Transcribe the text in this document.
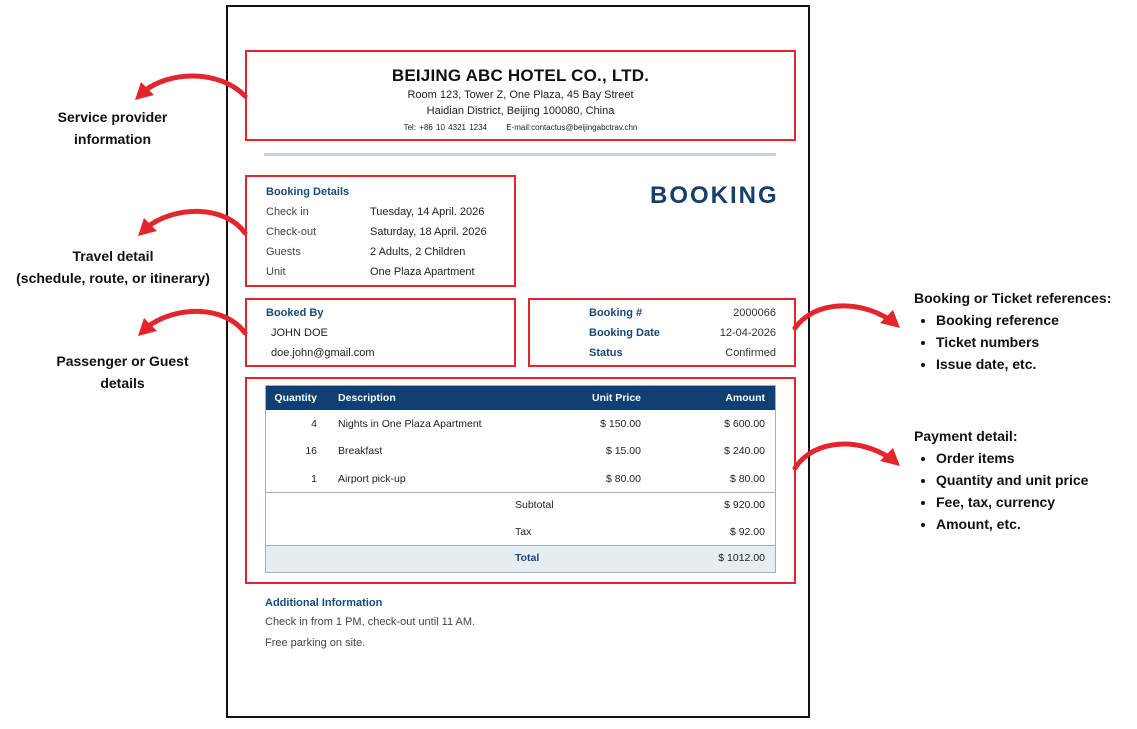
BEIJING ABC HOTEL CO., LTD.
Room 123, Tower Z, One Plaza, 45 Bay Street
Haidian District, Beijing 100080, China
Tel: +86 10 4321 1234 E-mail:contactus@beijingabctrav.chn
Booking Details
Check in	Tuesday, 14 April. 2026
Check-out	Saturday, 18 April. 2026
Guests	2 Adults, 2 Children
Unit	One Plaza Apartment
BOOKING
Booked By
JOHN DOE
doe.john@gmail.com
Booking #	2000066
Booking Date	12-04-2026
Status	Confirmed
Quantity Description	Unit Price	Amount
4 Nights in One Plaza Apartment	$ 150.00	$ 600.00
16 Breakfast	$ 15.00	$ 240.00
1 Airport pick-up	$ 80.00	$ 80.00
Subtotal	$ 920.00
Tax	$ 92.00
Total	$ 1012.00
Additional Information
Check in from 1 PM, check-out until 11 AM.
Free parking on site.
Service provider
information
Travel detail
(schedule, route, or itinerary)
Passenger or Guest
details
Booking or Ticket references:
• Booking reference
• Ticket numbers
• Issue date, etc.
Payment detail:
• Order items
• Quantity and unit price
• Fee, tax, currency
• Amount, etc.
